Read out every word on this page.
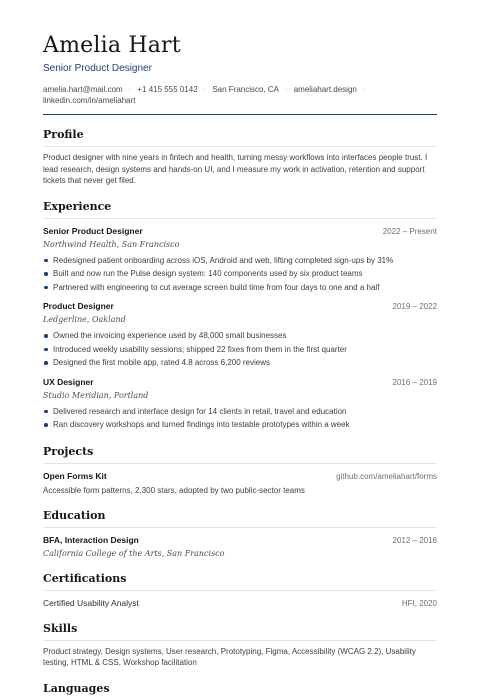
Amelia Hart
Senior Product Designer
amelia.hart@mail.com · +1 415 555 0142 · San Francisco, CA · ameliahart.design ·
linkedin.com/in/ameliahart
Profile
Product designer with nine years in fintech and health, turning messy workflows into interfaces people trust. I lead research, design systems and hands-on UI, and I measure my work in activation, retention and support tickets that never get filed.
Experience
Senior Product Designer	2022 – Present
Northwind Health, San Francisco
Redesigned patient onboarding across iOS, Android and web, lifting completed sign-ups by 31%
Built and now run the Pulse design system: 140 components used by six product teams
Partnered with engineering to cut average screen build time from four days to one and a half
Product Designer	2019 – 2022
Ledgerline, Oakland
Owned the invoicing experience used by 48,000 small businesses
Introduced weekly usability sessions; shipped 22 fixes from them in the first quarter
Designed the first mobile app, rated 4.8 across 6,200 reviews
UX Designer	2016 – 2019
Studio Meridian, Portland
Delivered research and interface design for 14 clients in retail, travel and education
Ran discovery workshops and turned findings into testable prototypes within a week
Projects
Open Forms Kit	github.com/ameliahart/forms
Accessible form patterns, 2,300 stars, adopted by two public-sector teams
Education
BFA, Interaction Design	2012 – 2016
California College of the Arts, San Francisco
Certifications
Certified Usability Analyst	HFI, 2020
Skills
Product strategy, Design systems, User research, Prototyping, Figma, Accessibility (WCAG 2.2), Usability testing, HTML & CSS, Workshop facilitation
Languages
